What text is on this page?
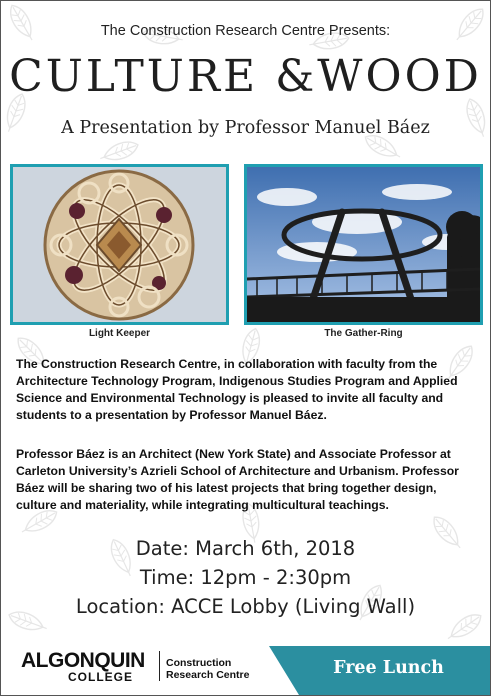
The Construction Research Centre Presents:
CULTURE &WOOD
A Presentation by Professor Manuel Báez
Light Keeper	The Gather-Ring

The Construction Research Centre, in collaboration with faculty from the Architecture Technology Program, Indigenous Studies Program and Applied Science and Environmental Technology is pleased to invite all faculty and students to a presentation by Professor Manuel Báez.

Professor Báez is an Architect (New York State) and Associate Professor at Carleton University’s Azrieli School of Architecture and Urbanism. Professor Báez will be sharing two of his latest projects that bring together design, culture and materiality, while integrating multicultural teachings.

Date: March 6th, 2018
Time: 12pm - 2:30pm
Location: ACCE Lobby (Living Wall)
ALGONQUIN
COLLEGE
Construction
Research Centre	Free Lunch
